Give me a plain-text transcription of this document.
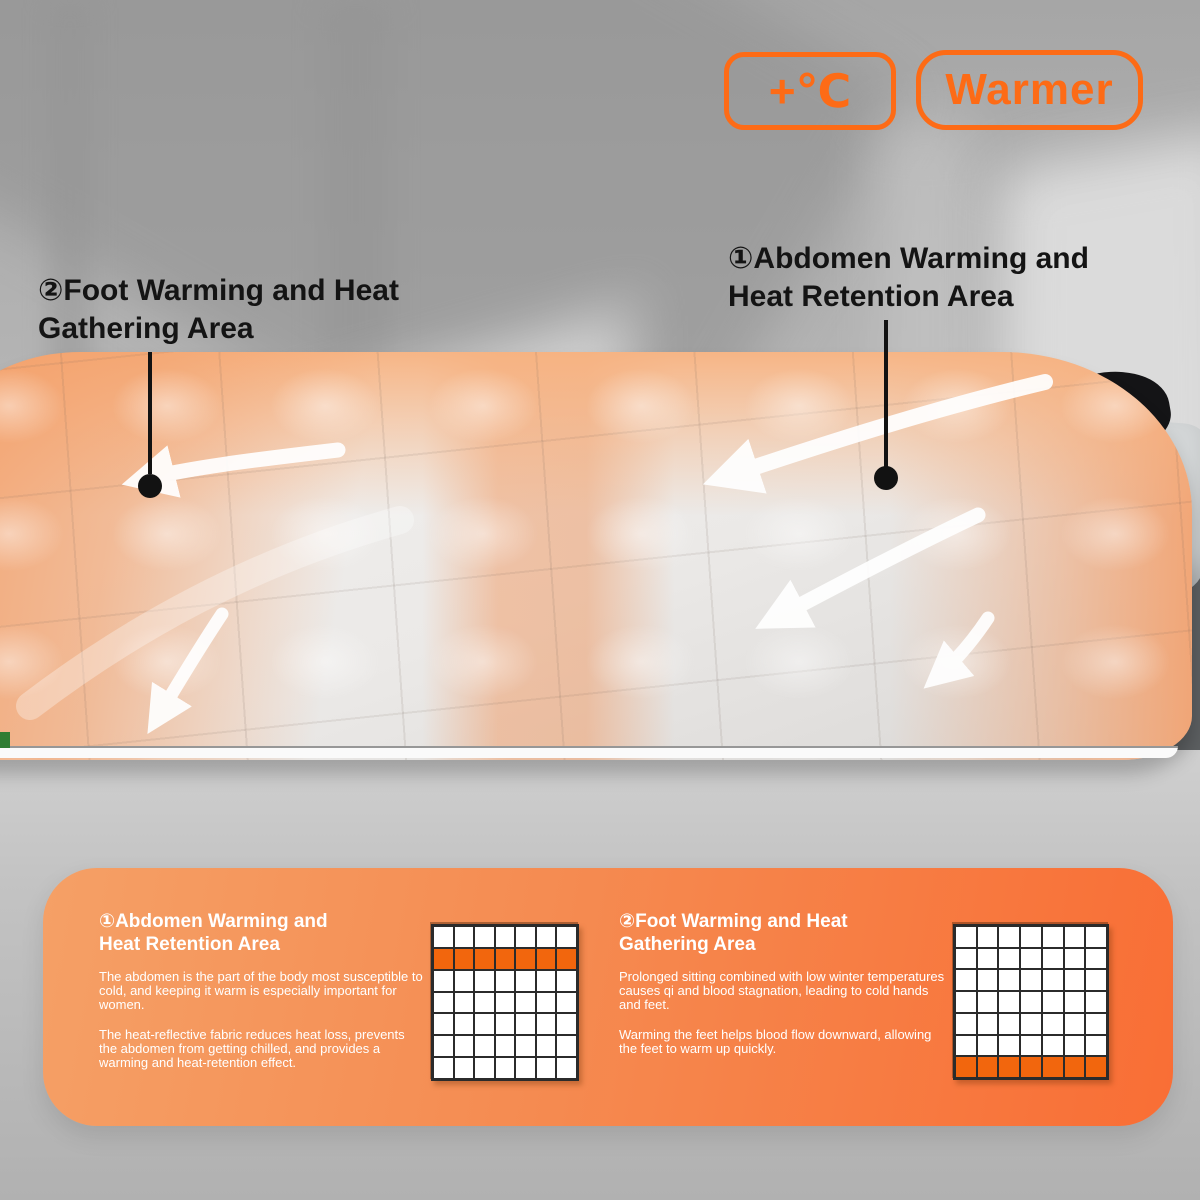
+℃	Warmer
②Foot Warming and Heat
Gathering Area
①Abdomen Warming and
Heat Retention Area
①Abdomen Warming and
Heat Retention Area

The abdomen is the part of the body most susceptible to cold, and keeping it warm is especially important for women.

The heat-reflective fabric reduces heat loss, prevents the abdomen from getting chilled, and provides a warming and heat-retention effect.

②Foot Warming and Heat
Gathering Area

Prolonged sitting combined with low winter temperatures causes qi and blood stagnation, leading to cold hands and feet.

Warming the feet helps blood flow downward, allowing the feet to warm up quickly.
